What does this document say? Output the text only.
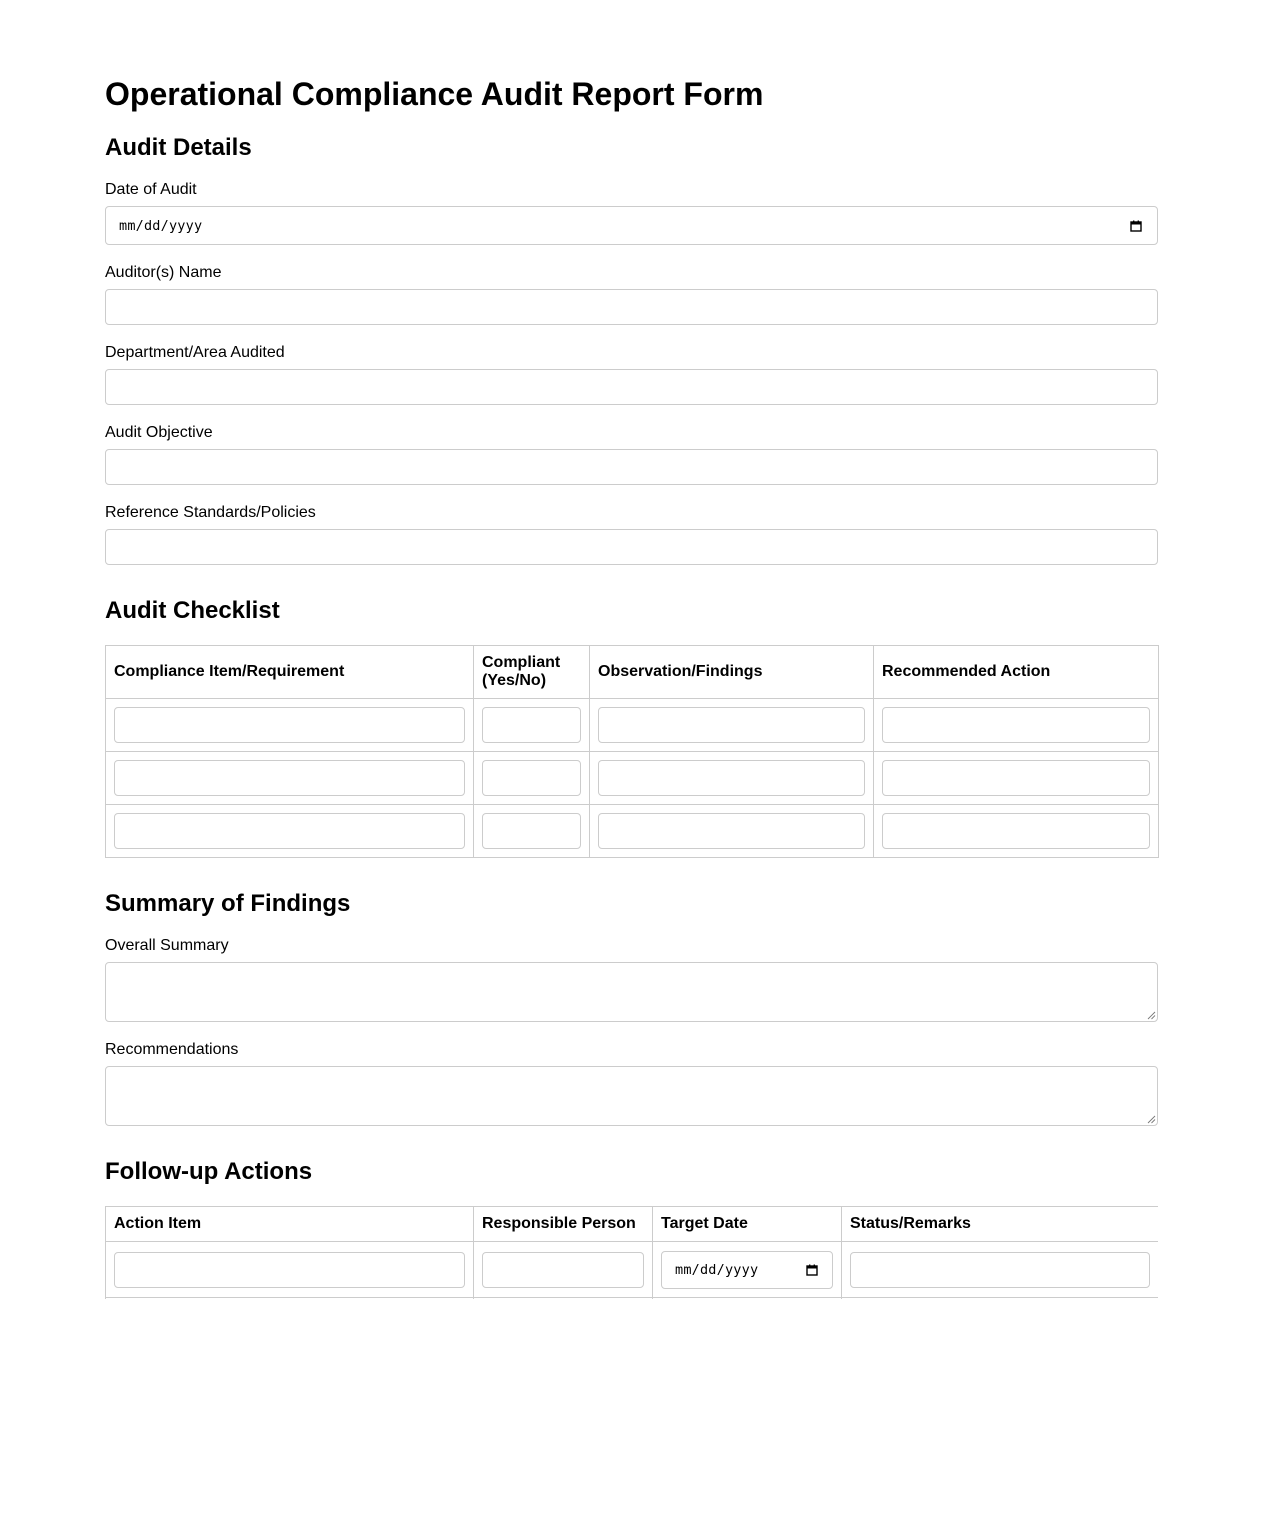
Operational Compliance Audit Report Form
Audit Details
Date of Audit
mm/dd/yyyy
Auditor(s) Name
Department/Area Audited
Audit Objective
Reference Standards/Policies
Audit Checklist
Compliance Item/Requirement	Compliant (Yes/No)	Observation/Findings	Recommended Action

Summary of Findings
Overall Summary
Recommendations
Follow-up Actions
Action Item	Responsible Person	Target Date	Status/Remarks

		mm/dd/yyyy	
